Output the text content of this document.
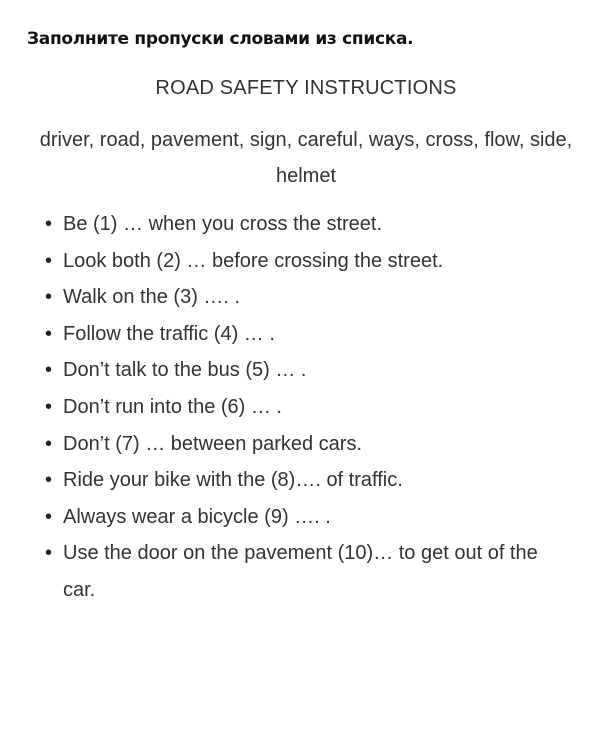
Заполните пропуски словами из списка.
ROAD SAFETY INSTRUCTIONS
driver, road, pavement, sign, careful, ways, cross, flow, side, helmet
• Be (1) … when you cross the street.
• Look both (2) … before crossing the street.
• Walk on the (3) …. .
• Follow the traffic (4) … .
• Don’t talk to the bus (5) … .
• Don’t run into the (6) … .
• Don’t (7) … between parked cars.
• Ride your bike with the (8)…. of traffic.
• Always wear a bicycle (9) …. .
• Use the door on the pavement (10)… to get out of the car.
